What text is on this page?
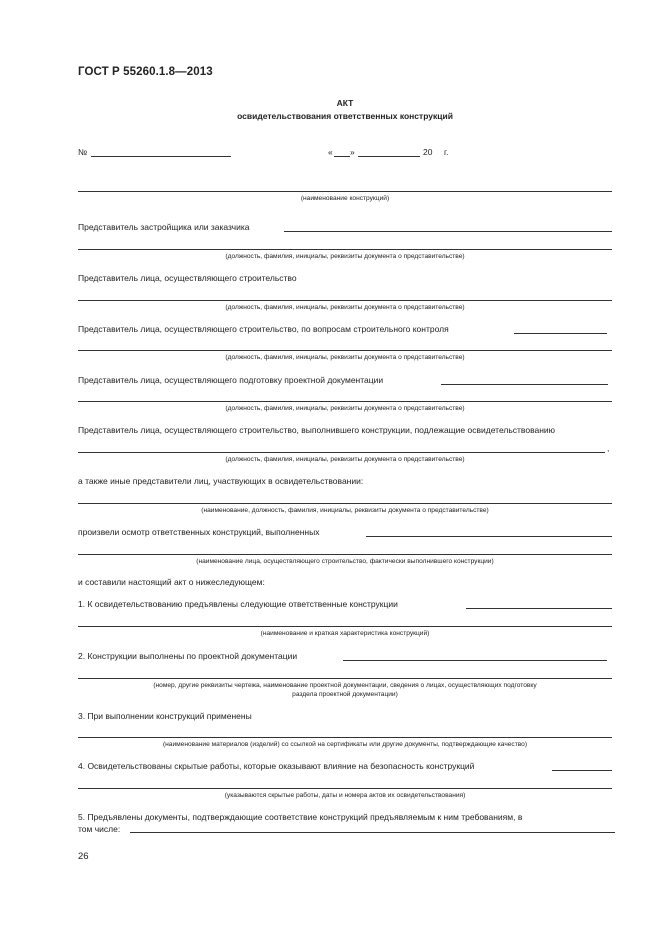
ГОСТ Р 55260.1.8—2013
АКТ
освидетельствования ответственных конструкций
№	« »	20 г.
(наименование конструкций)
Представитель застройщика или заказчика
(должность, фамилия, инициалы, реквизиты документа о представительстве)
Представитель лица, осуществляющего строительство
(должность, фамилия, инициалы, реквизиты документа о представительстве)
Представитель лица, осуществляющего строительство, по вопросам строительного контроля
(должность, фамилия, инициалы, реквизиты документа о представительстве)
Представитель лица, осуществляющего подготовку проектной документации
(должность, фамилия, инициалы, реквизиты документа о представительстве)
Представитель лица, осуществляющего строительство, выполнившего конструкции, подлежащие освидетельствованию
,
(должность, фамилия, инициалы, реквизиты документа о представительстве)
а также иные представители лиц, участвующих в освидетельствовании:
(наименование, должность, фамилия, инициалы, реквизиты документа о представительстве)
произвели осмотр ответственных конструкций, выполненных
(наименование лица, осуществляющего строительство, фактически выполнившего конструкции)
и составили настоящий акт о нижеследующем:
1. К освидетельствованию предъявлены следующие ответственные конструкции
(наименование и краткая характеристика конструкций)
2. Конструкции выполнены по проектной документации
(номер, другие реквизиты чертежа, наименование проектной документации, сведения о лицах, осуществляющих подготовку
раздела проектной документации)
3. При выполнении конструкций применены
(наименование материалов (изделий) со ссылкой на сертификаты или другие документы, подтверждающие качество)
4. Освидетельствованы скрытые работы, которые оказывают влияние на безопасность конструкций
(указываются скрытые работы, даты и номера актов их освидетельствования)
5. Предъявлены документы, подтверждающие соответствие конструкций предъявляемым к ним требованиям, в
том числе:
26
